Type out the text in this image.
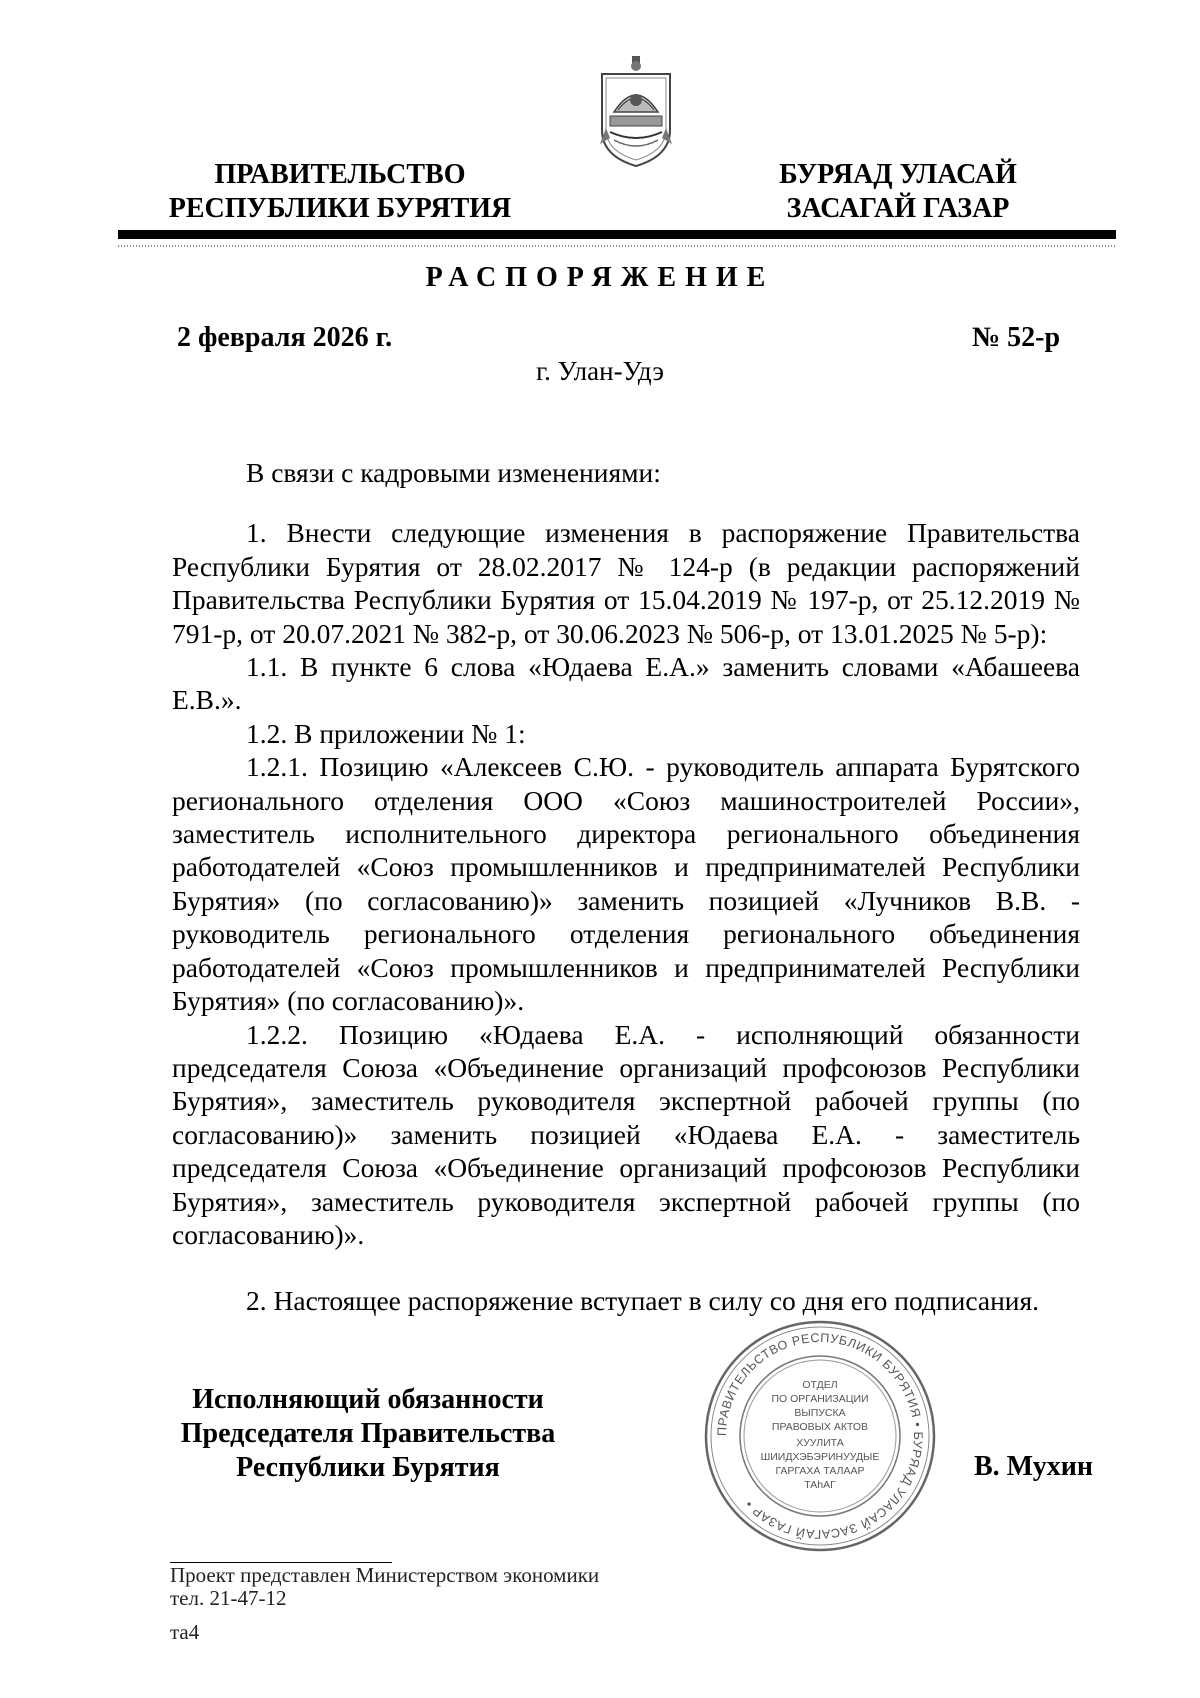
ПРАВИТЕЛЬСТВО
РЕСПУБЛИКИ БУРЯТИЯ
БУРЯАД УЛАСАЙ
ЗАСАГАЙ ГАЗАР
РАСПОРЯЖЕНИЕ
2 февраля 2026 г.	№ 52-р
г. Улан-Удэ

В связи с кадровыми изменениями:

1. Внести следующие изменения в распоряжение Правительства Республики Бурятия от 28.02.2017 № 124-р (в редакции распоряжений Правительства Республики Бурятия от 15.04.2019 № 197-р, от 25.12.2019 № 791-р, от 20.07.2021 № 382-р, от 30.06.2023 № 506-р, от 13.01.2025 № 5-р):

1.1. В пункте 6 слова «Юдаева Е.А.» заменить словами «Абашеева Е.В.».

1.2. В приложении № 1:

1.2.1. Позицию «Алексеев С.Ю. - руководитель аппарата Бурятского регионального отделения ООО «Союз машиностроителей России», заместитель исполнительного директора регионального объединения работодателей «Союз промышленников и предпринимателей Республики Бурятия» (по согласованию)» заменить позицией «Лучников В.В. - руководитель регионального отделения регионального объединения работодателей «Союз промышленников и предпринимателей Республики Бурятия» (по согласованию)».

1.2.2. Позицию «Юдаева Е.А. - исполняющий обязанности председателя Союза «Объединение организаций профсоюзов Республики Бурятия», заместитель руководителя экспертной рабочей группы (по согласованию)» заменить позицией «Юдаева Е.А. - заместитель председателя Союза «Объединение организаций профсоюзов Республики Бурятия», заместитель руководителя экспертной рабочей группы (по согласованию)».

2. Настоящее распоряжение вступает в силу со дня его подписания.

Исполняющий обязанности
Председателя Правительства
Республики Бурятия	В. Мухин
ПРАВИТЕЛЬСТВО РЕСПУБЛИКИ БУРЯТИЯ • БУРЯАД УЛАСАЙ ЗАСАГАЙ ГАЗАР •
ОТДЕЛ
ПО ОРГАНИЗАЦИИ
ВЫПУСКА
ПРАВОВЫХ АКТОВ
ХУУЛИТА
ШИИДХЭБЭРИНУУДЫЕ
ГАРГАХА ТАЛААР
ТАһАГ
Проект представлен Министерством экономики
тел. 21-47-12
та4
